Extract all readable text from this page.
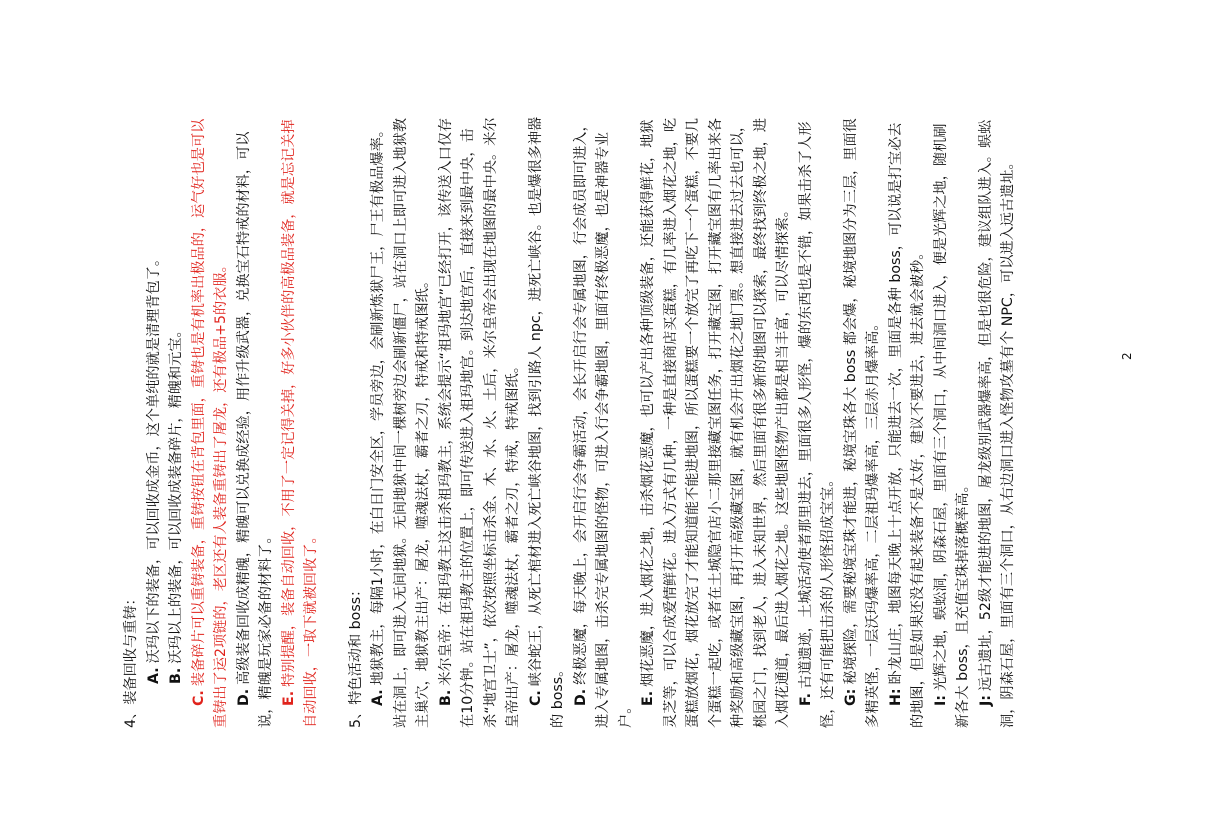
4、装备回收与重铸： A.沃玛以下的装备，可以回收成金币，这个单纯的就是清理背包了。

B.沃玛以上的装备，可以回收成装备碎片，精魄和元宝。

C.装备碎片可以重铸装备，重铸按钮在背包里面，重铸也是有机率出极品的，运气好也是可以重铸出了运2项链的，老区还有人装备重铸出了屠龙，还有极品+5的衣服。 D.高级装备回收成精魄，精魄可以兑换成经验，用作升级武器，兑换宝石特戒的材料，可以说，精魄是玩家必备的材料了。 E.特别提醒，装备自动回收，不用了一定记得关掉，好多小伙伴的高极品装备，就是忘记关掉自动回收，一取下就被回收了。 5、特色活动和 boss： A.地狱教主，每隔1小时，在白日门安全区，学员旁边，会刷新炼狱尸王，尸王有极品爆率。站在洞上，即可进入无间地狱。无间地狱中间一棵树旁边会刷新僵尸，站在洞口上即可进入地狱教主巢穴，地狱教主出产：屠龙，噬魂法杖，霸者之刃，特戒和特戒图纸。 B.米尔皇帝：在祖玛教主这击杀祖玛教主，系统会提示“祖玛地宫”已经打开，该传送入口仅存在10分钟。站在祖玛教主的位置上，即可传送进入祖玛地宫。到达地宫后，直接来到最中央，击杀“地宫卫士”，依次按照坐标击杀金、木、水、火、土后，米尔皇帝会出现在地图的最中央。米尔皇帝出产：屠龙，噬魂法杖，霸者之刃，特戒，特戒图纸。 C.峡谷蛇王，从死亡棺材进入死亡峡谷地图，找到引路人 npc，进死亡峡谷。也是爆很多神器的 boss。 D.终极恶魔，每天晚上，会开启行会争霸活动，会长开启行会专属地图，行会成员即可进入，进入专属地图，击杀完专属地图的怪物，可进入行会争霸地图，里面有终极恶魔，也是神器专业户。

E.烟花恶魔，进入烟花之地，击杀烟花恶魔，也可以产出各种顶级装备，还能获得鲜花，地狱灵芝等，可以合成爱情鲜花。进入方式有几种，一种是直接商店买蛋糕，有几率进入烟花之地，吃蛋糕放烟花，烟花放完了才能知道能不能进地图，所以蛋糕要一个放完了再吃下一个蛋糕，不要几个蛋糕一起吃，或者在土城隐官店小二那里接藏宝图任务，打开藏宝图，打开藏宝图有几率出来各种奖励和高级藏宝图，再打开高级藏宝图，就有机会开出烟花之地门票。想直接进去过去也可以，桃园之门，找到老人，进入未知世界，然后里面有很多新的地图可以探索，最终找到终极之地，进入烟花通道，最后进入烟花之地。这些地图怪物产出都是相当丰富，可以尽情探索。 F.古道遗迹，土城活动使者那里进去，里面很多人形怪，爆的东西也是不错，如果击杀了人形怪，还有可能把击杀的人形怪招成宝宝。 G:秘境探险，需要秘境宝珠才能进，秘境宝珠各大 boss 都会爆，秘境地图分为三层，里面很多精英怪，一层沃玛爆率高，二层祖玛爆率高，三层赤月爆率高。 H:卧龙山庄，地图每天晚上十点开放，只能进去一次，里面是各种 boss，可以说是打宝必去的地图，但是如果还没有起来装备不是太好，建议不要进去，进去就会被秒。 I:光辉之地，蜈蚣洞，阴森石屋，里面有三个洞口，从中间洞口进入，便是光辉之地，随机刷新各大 boss，且充值宝珠掉落概率高。 J:远古遗址，52级才能进的地图，屠龙级别武器爆率高，但是也很危险，建议组队进入。蜈蚣洞，阴森石屋，里面有三个洞口，从右边洞口进入怪物攻墓有个 NPC，可以进入远古遗址。	2
